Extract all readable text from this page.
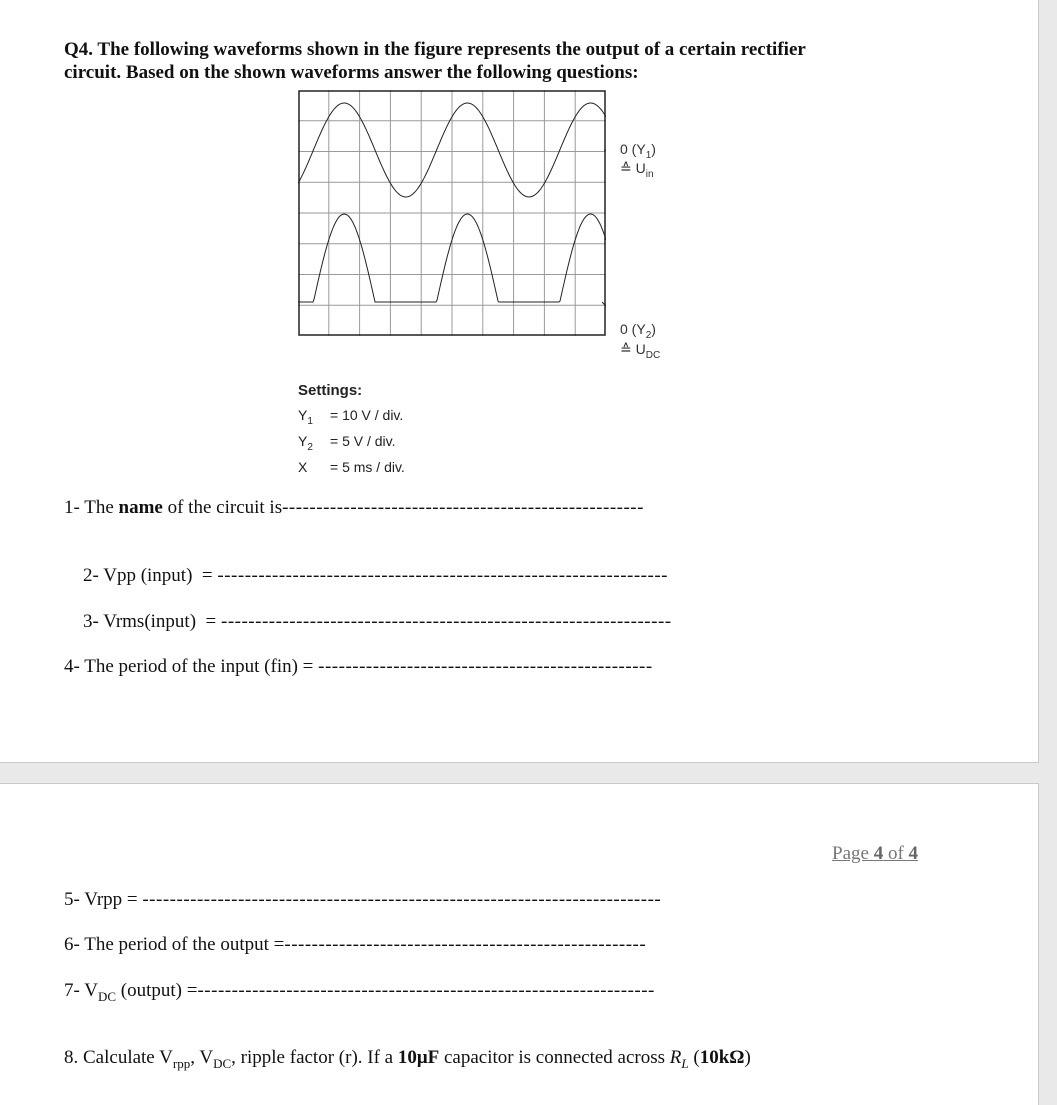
Q4. The following waveforms shown in the figure represents the output of a certain rectifier
circuit. Based on the shown waveforms answer the following questions:
0 $(Y_1)$
≙ $U_{in}$
0 $(Y_2)$
≙ $U_{DC}$
Settings:
$Y_1 = 10$ V / div.
$Y_2 = 5$ V / div.
X = 5 ms / div.
1- The name of the circuit is-----------------------------------------------------

2- Vpp (input)  = ------------------------------------------------------------------

3- Vrms(input)  = ------------------------------------------------------------------

4- The period of the input (fin) = -------------------------------------------------
Page 4 of 4
5- Vrpp = ----------------------------------------------------------------------------
6- The period of the output =-----------------------------------------------------
7- $V_{DC}$ (output) =-------------------------------------------------------------------
8. Calculate $V_{rpp}$, $V_{DC}$, ripple factor (r). If a 10μF capacitor is connected across $R_L$ (10kΩ)
